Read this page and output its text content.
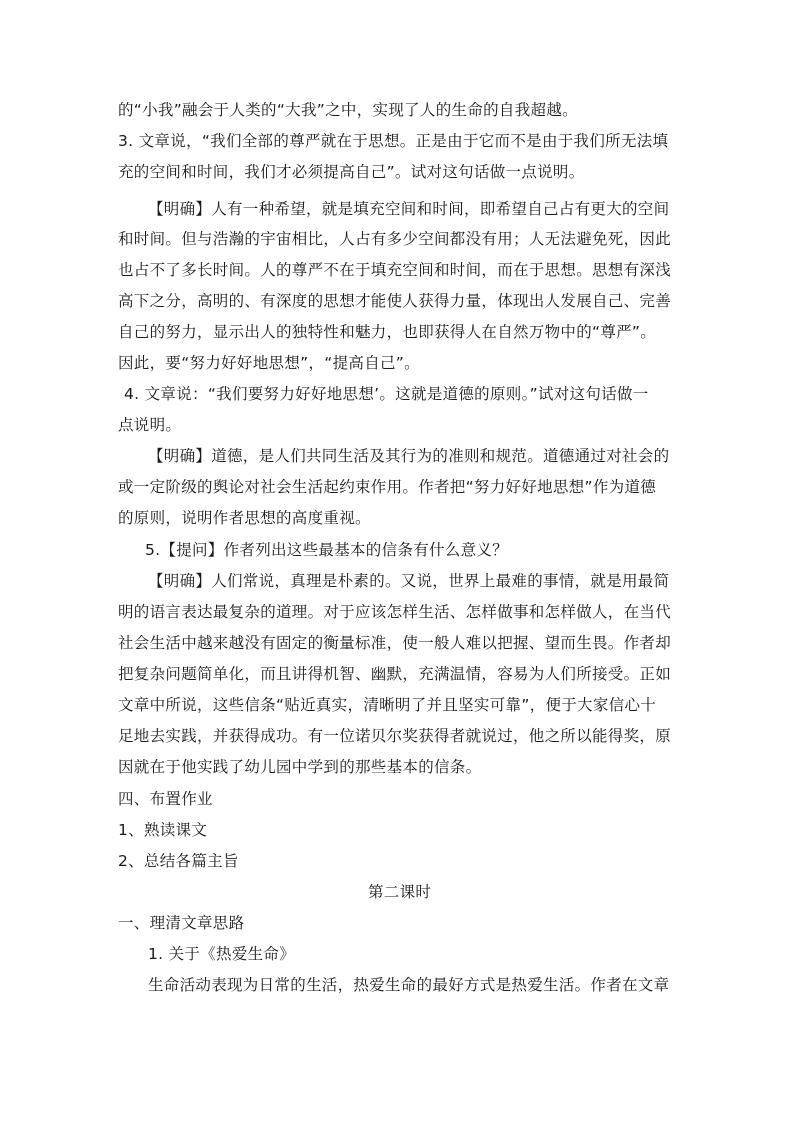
的“小我”融会于人类的“大我”之中，实现了人的生命的自我超越。
3. 文章说，“我们全部的尊严就在于思想。正是由于它而不是由于我们所无法填
充的空间和时间，我们才必须提高自己”。试对这句话做一点说明。
【明确】人有一种希望，就是填充空间和时间，即希望自己占有更大的空间
和时间。但与浩瀚的宇宙相比，人占有多少空间都没有用；人无法避免死，因此
也占不了多长时间。人的尊严不在于填充空间和时间，而在于思想。思想有深浅
高下之分，高明的、有深度的思想才能使人获得力量，体现出人发展自己、完善
自己的努力，显示出人的独特性和魅力，也即获得人在自然万物中的“尊严”。
因此，要“努力好好地思想”，“提高自己”。
4. 文章说：“我们要努力好好地思想’。这就是道德的原则。”试对这句话做一
点说明。
【明确】道德，是人们共同生活及其行为的准则和规范。道德通过对社会的
或一定阶级的舆论对社会生活起约束作用。作者把“努力好好地思想”作为道德
的原则，说明作者思想的高度重视。
5.【提问】作者列出这些最基本的信条有什么意义？
【明确】人们常说，真理是朴素的。又说，世界上最难的事情，就是用最简
明的语言表达最复杂的道理。对于应该怎样生活、怎样做事和怎样做人，在当代
社会生活中越来越没有固定的衡量标准，使一般人难以把握、望而生畏。作者却
把复杂问题简单化，而且讲得机智、幽默，充满温情，容易为人们所接受。正如
文章中所说，这些信条“贴近真实，清晰明了并且坚实可靠”，便于大家信心十
足地去实践，并获得成功。有一位诺贝尔奖获得者就说过，他之所以能得奖，原
因就在于他实践了幼儿园中学到的那些基本的信条。
四、布置作业
1、熟读课文
2、总结各篇主旨
第二课时
一、理清文章思路
1. 关于《热爱生命》
生命活动表现为日常的生活，热爱生命的最好方式是热爱生活。作者在文章
